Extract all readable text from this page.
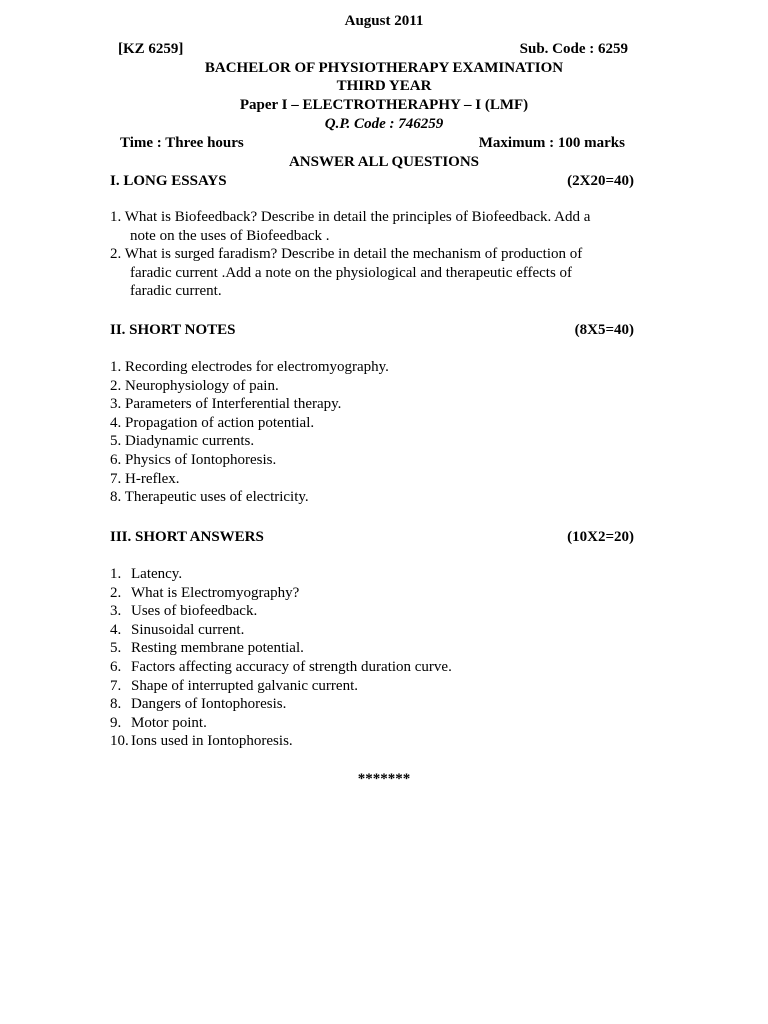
August 2011
[KZ 6259]	Sub. Code : 6259
BACHELOR OF PHYSIOTHERAPY EXAMINATION
THIRD YEAR
Paper I – ELECTROTHERAPHY – I (LMF)
Q.P. Code : 746259
Time : Three hours	Maximum : 100 marks
ANSWER ALL QUESTIONS
I. LONG ESSAYS	(2X20=40)
1. What is Biofeedback? Describe in detail the principles of Biofeedback. Add a
note on the uses of Biofeedback .
2. What is surged faradism? Describe in detail the mechanism of production of
faradic current .Add a note on the physiological and therapeutic effects of
faradic current.
II. SHORT NOTES	(8X5=40)
1. Recording electrodes for electromyography.
2. Neurophysiology of pain.
3. Parameters of Interferential therapy.
4. Propagation of action potential.
5. Diadynamic currents.
6. Physics of Iontophoresis.
7. H-reflex.
8. Therapeutic uses of electricity.
III. SHORT ANSWERS	(10X2=20)
1. Latency.
2. What is Electromyography?
3. Uses of biofeedback.
4. Sinusoidal current.
5. Resting membrane potential.
6. Factors affecting accuracy of strength duration curve.
7. Shape of interrupted galvanic current.
8. Dangers of Iontophoresis.
9. Motor point.
10. Ions used in Iontophoresis.
*******
